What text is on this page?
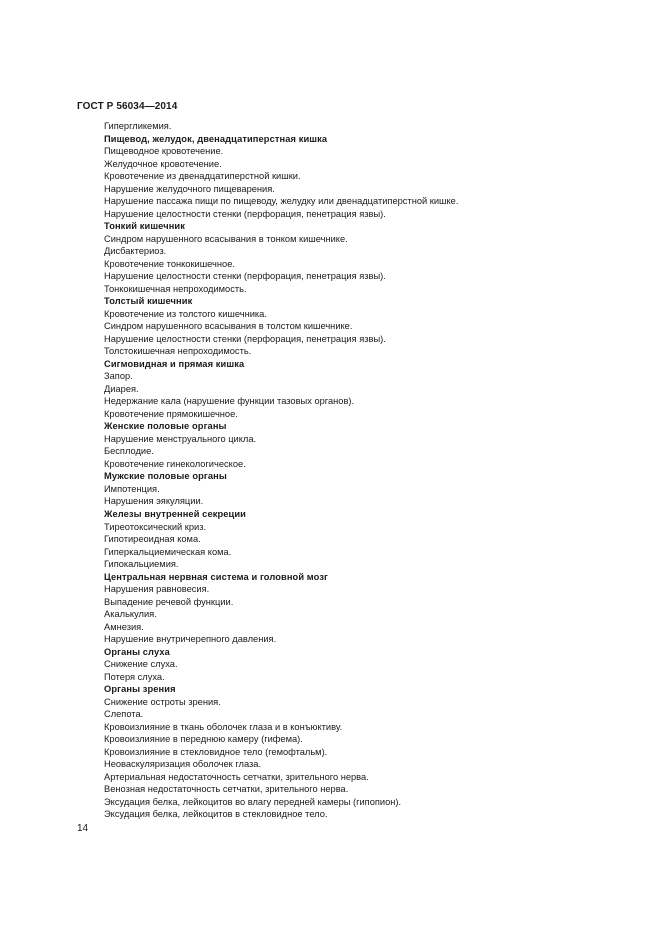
ГОСТ Р 56034—2014
Гипергликемия.
Пищевод, желудок, двенадцатиперстная кишка
Пищеводное кровотечение.
Желудочное кровотечение.
Кровотечение из двенадцатиперстной кишки.
Нарушение желудочного пищеварения.
Нарушение пассажа пищи по пищеводу, желудку или двенадцатиперстной кишке.
Нарушение целостности стенки (перфорация, пенетрация язвы).
Тонкий кишечник
Синдром нарушенного всасывания в тонком кишечнике.
Дисбактериоз.
Кровотечение тонкокишечное.
Нарушение целостности стенки (перфорация, пенетрация язвы).
Тонкокишечная непроходимость.
Толстый кишечник
Кровотечение из толстого кишечника.
Синдром нарушенного всасывания в толстом кишечнике.
Нарушение целостности стенки (перфорация, пенетрация язвы).
Толстокишечная непроходимость.
Сигмовидная и прямая кишка
Запор.
Диарея.
Недержание кала (нарушение функции тазовых органов).
Кровотечение прямокишечное.
Женские половые органы
Нарушение менструального цикла.
Бесплодие.
Кровотечение гинекологическое.
Мужские половые органы
Импотенция.
Нарушения эякуляции.
Железы внутренней секреции
Тиреотоксический криз.
Гипотиреоидная кома.
Гиперкальциемическая кома.
Гипокальциемия.
Центральная нервная система и головной мозг
Нарушения равновесия.
Выпадение речевой функции.
Акалькулия.
Амнезия.
Нарушение внутричерепного давления.
Органы слуха
Снижение слуха.
Потеря слуха.
Органы зрения
Снижение остроты зрения.
Слепота.
Кровоизлияние в ткань оболочек глаза и в конъюктиву.
Кровоизлияние в переднюю камеру (гифема).
Кровоизлияние в стекловидное тело (гемофтальм).
Неоваскуляризация оболочек глаза.
Артериальная недостаточность сетчатки, зрительного нерва.
Венозная недостаточность сетчатки, зрительного нерва.
Эксудация белка, лейкоцитов во влагу передней камеры (гипопион).
Эксудация белка, лейкоцитов в стекловидное тело.
14
